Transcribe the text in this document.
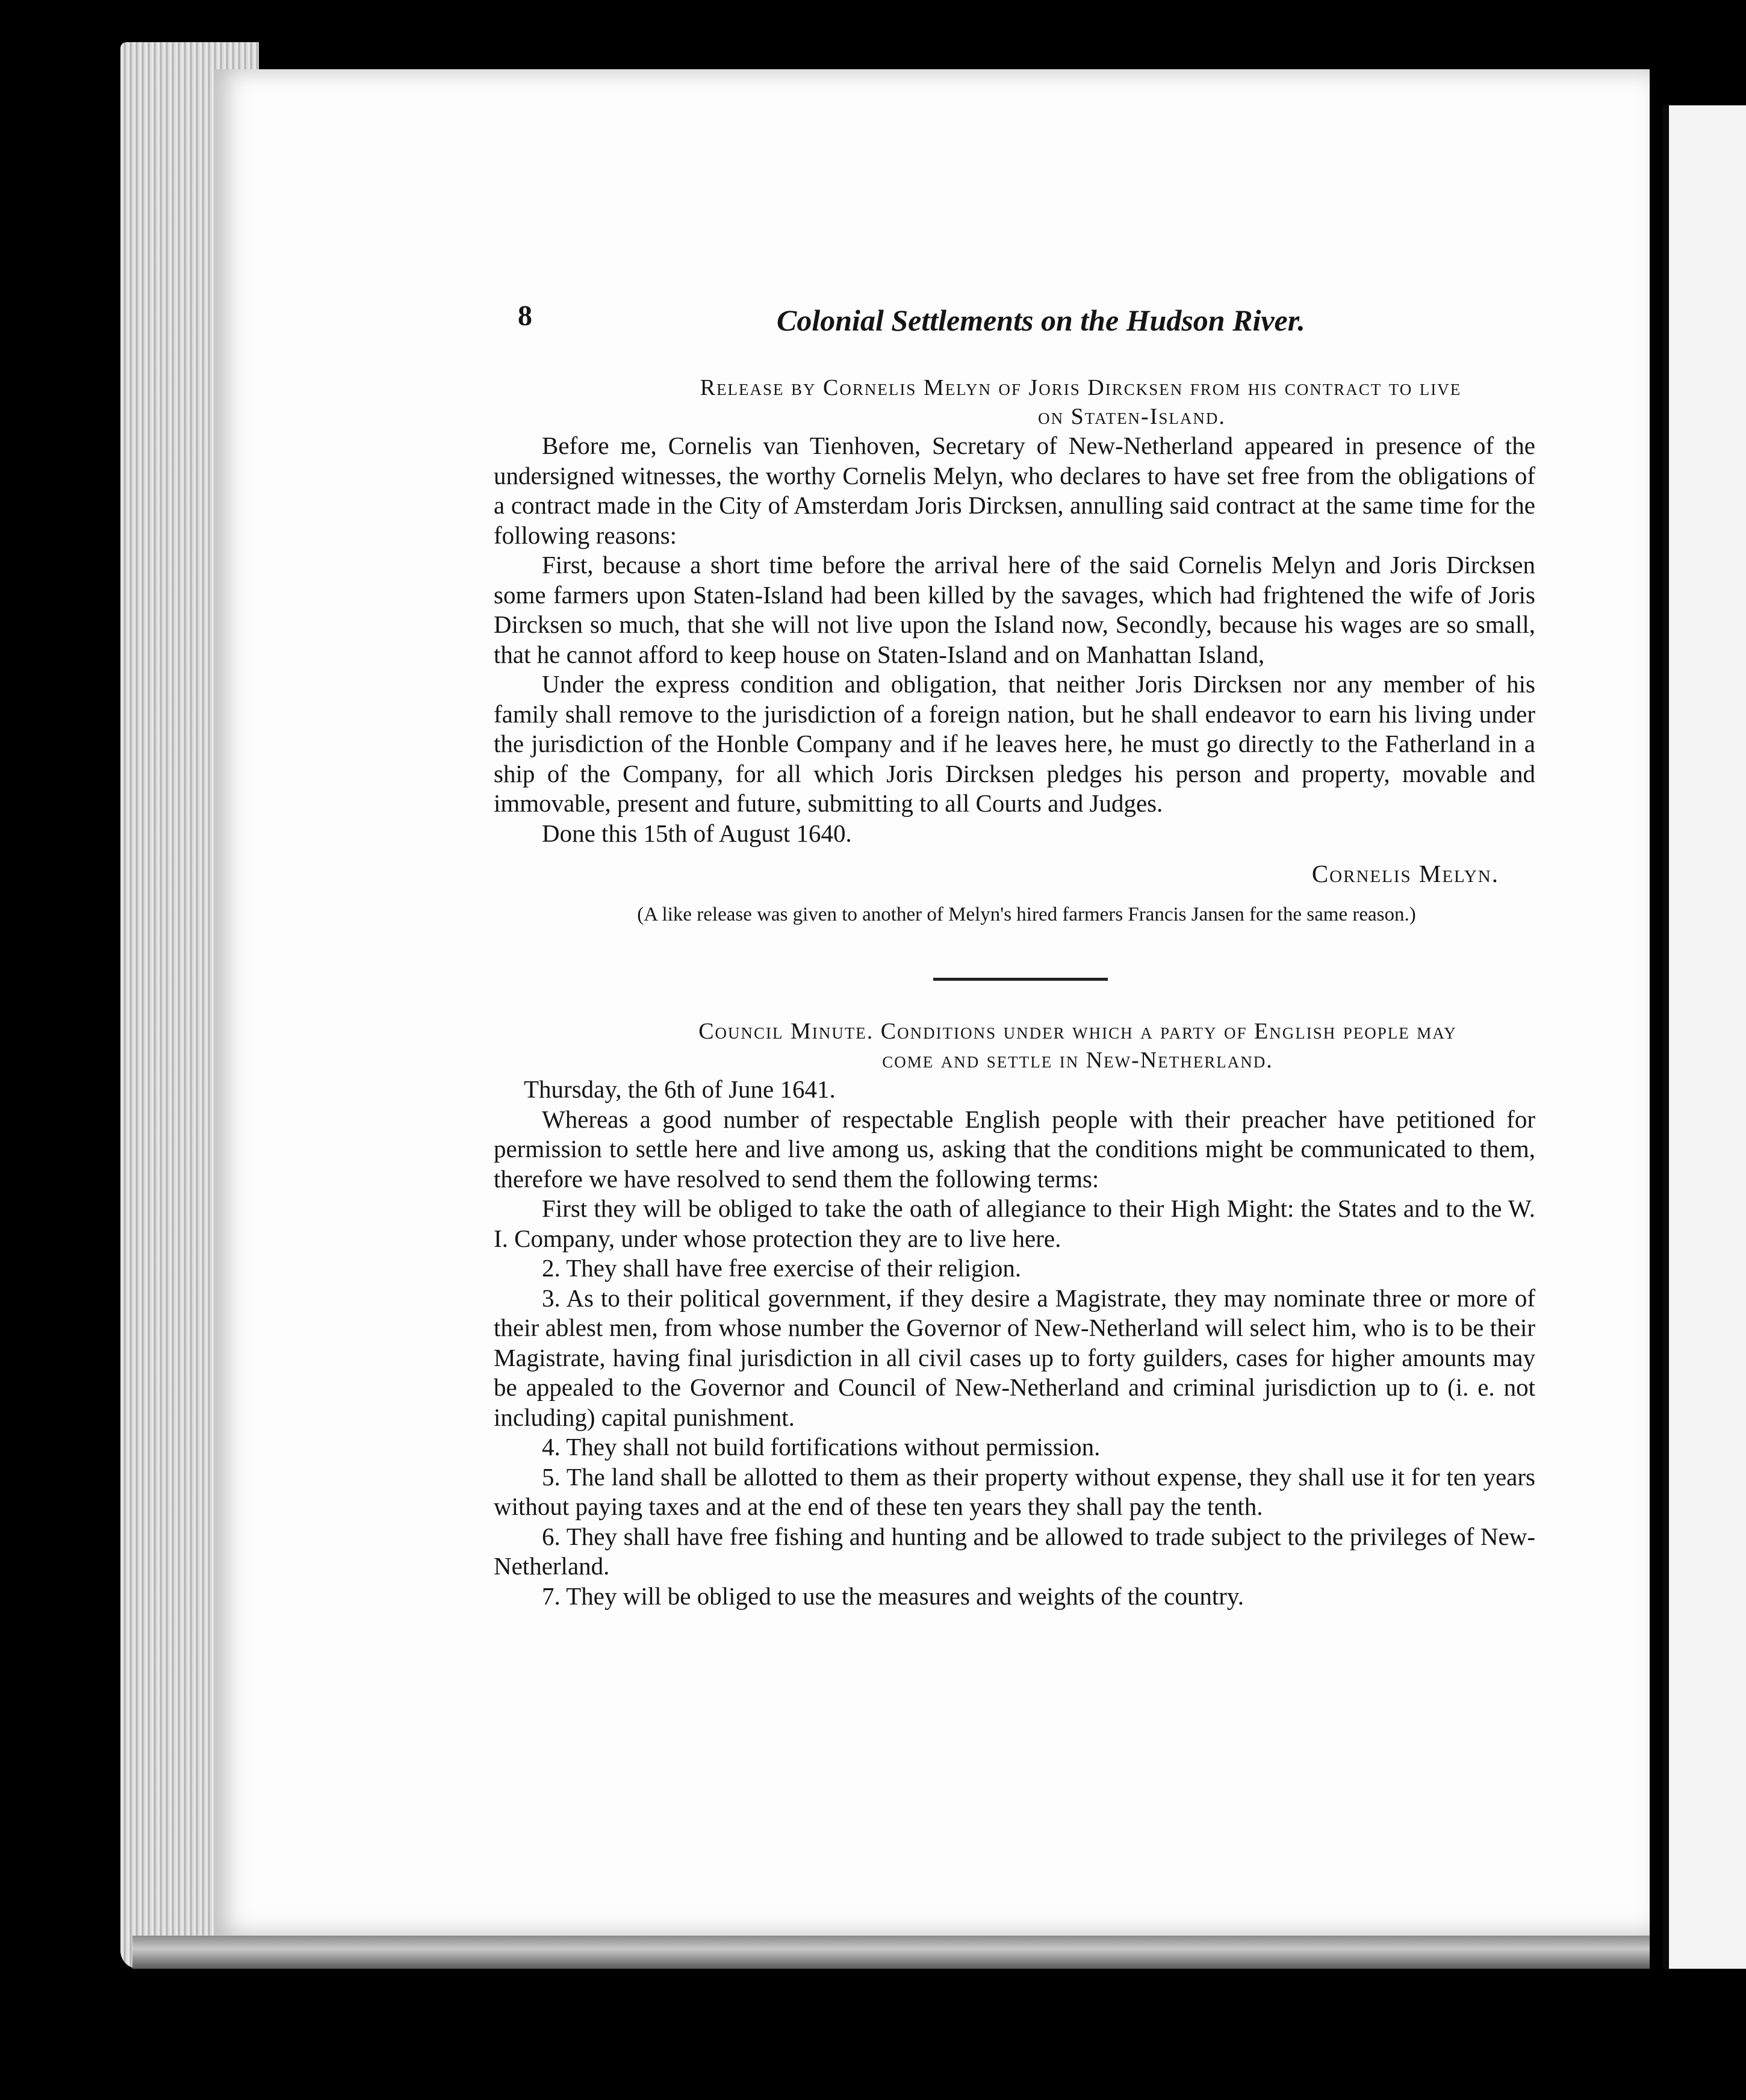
8	Colonial Settlements on the Hudson River.
Release by Cornelis Melyn of Joris Dircksen from his contract to live
on Staten-Island.

Before me, Cornelis van Tienhoven, Secretary of New-Netherland appeared in presence of the undersigned witnesses, the worthy Cornelis Melyn, who declares to have set free from the obligations of a contract made in the City of Amsterdam Joris Dircksen, annulling said contract at the same time for the following reasons:

First, because a short time before the arrival here of the said Cornelis Melyn and Joris Dircksen some farmers upon Staten-Island had been killed by the savages, which had frightened the wife of Joris Dircksen so much, that she will not live upon the Island now, Secondly, because his wages are so small, that he cannot afford to keep house on Staten-Island and on Manhattan Island,

Under the express condition and obligation, that neither Joris Dircksen nor any member of his family shall remove to the jurisdiction of a foreign nation, but he shall endeavor to earn his living under the jurisdiction of the Honble Company and if he leaves here, he must go directly to the Fatherland in a ship of the Company, for all which Joris Dircksen pledges his person and property, movable and immovable, present and future, submitting to all Courts and Judges.

Done this 15th of August 1640.

Cornelis Melyn.
(A like release was given to another of Melyn's hired farmers Francis Jansen for the same reason.)
Council Minute. Conditions under which a party of English people may
come and settle in New-Netherland.

Thursday, the 6th of June 1641.

Whereas a good number of respectable English people with their preacher have petitioned for permission to settle here and live among us, asking that the conditions might be communicated to them, therefore we have resolved to send them the following terms:

First they will be obliged to take the oath of allegiance to their High Might: the States and to the W. I. Company, under whose protection they are to live here.

2. They shall have free exercise of their religion.

3. As to their political government, if they desire a Magistrate, they may nominate three or more of their ablest men, from whose number the Governor of New-Netherland will select him, who is to be their Magistrate, having final jurisdiction in all civil cases up to forty guilders, cases for higher amounts may be appealed to the Governor and Council of New-Netherland and criminal jurisdiction up to (i. e. not including) capital punishment.

4. They shall not build fortifications without permission.

5. The land shall be allotted to them as their property without expense, they shall use it for ten years without paying taxes and at the end of these ten years they shall pay the tenth.

6. They shall have free fishing and hunting and be allowed to trade subject to the privileges of New-Netherland.

7. They will be obliged to use the measures and weights of the country.
